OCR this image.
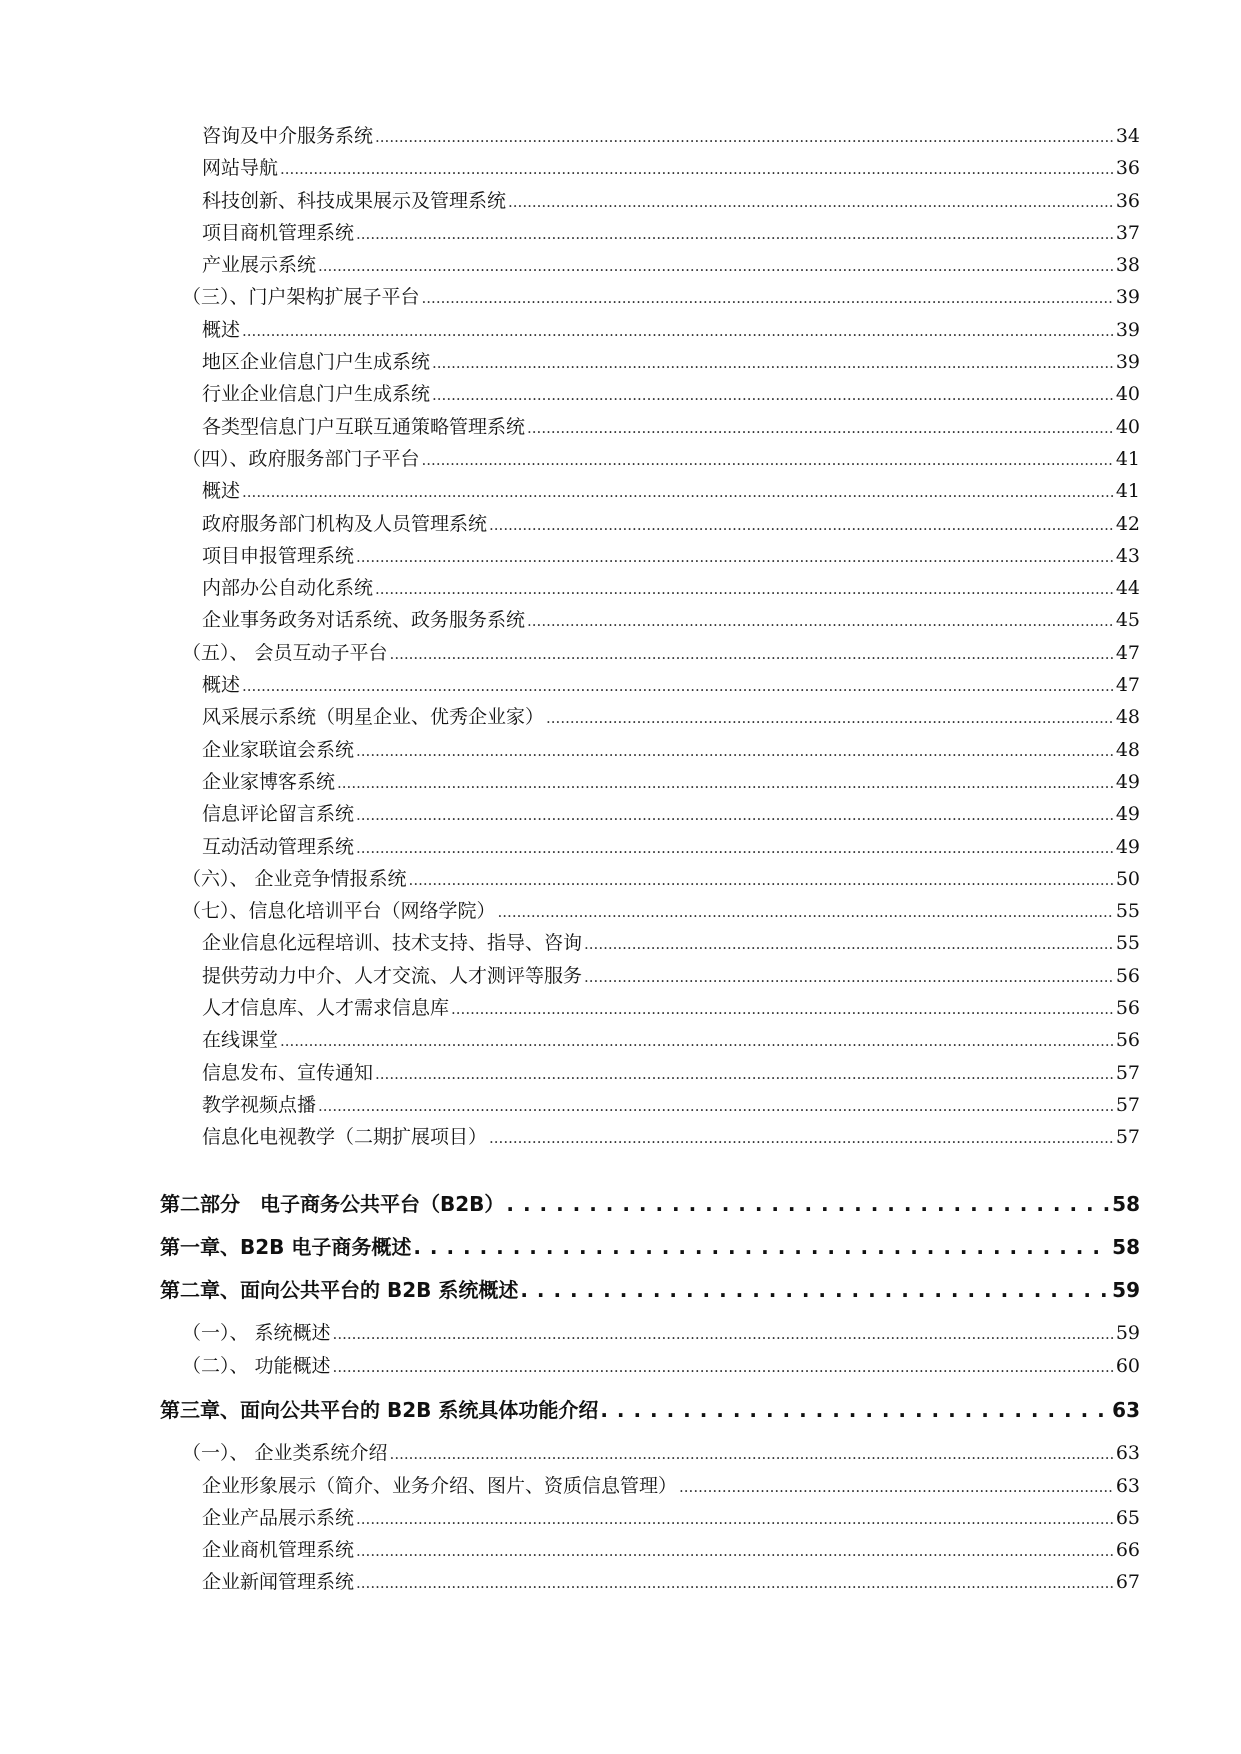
咨询及中介服务系统 .....	34
网站导航 .....	36
科技创新、科技成果展示及管理系统 .....	36
项目商机管理系统 .....	37
产业展示系统 .....	38
（三）、门户架构扩展子平台 .....	39
概述 .....	39
地区企业信息门户生成系统 .....	39
行业企业信息门户生成系统 .....	40
各类型信息门户互联互通策略管理系统 .....	40
（四）、政府服务部门子平台 .....	41
概述 .....	41
政府服务部门机构及人员管理系统 .....	42
项目申报管理系统 .....	43
内部办公自动化系统 .....	44
企业事务政务对话系统、政务服务系统 .....	45
（五）、 会员互动子平台 .....	47
概述 .....	47
风采展示系统（明星企业、优秀企业家） .....	48
企业家联谊会系统 .....	48
企业家博客系统 .....	49
信息评论留言系统 .....	49
互动活动管理系统 .....	49
（六）、 企业竞争情报系统 .....	50
（七）、信息化培训平台（网络学院） .....	55
企业信息化远程培训、技术支持、指导、咨询 .....	55
提供劳动力中介、人才交流、人才测评等服务 .....	56
人才信息库、人才需求信息库 .....	56
在线课堂 .....	56
信息发布、宣传通知 .....	57
教学视频点播 .....	57
信息化电视教学（二期扩展项目） .....	57
第二部分　电子商务公共平台（B2B） . . .	58
第一章、B2B 电子商务概述 . . .	58
第二章、面向公共平台的 B2B 系统概述 . . .	59
（一）、 系统概述 .....	59
（二）、 功能概述 .....	60
第三章、面向公共平台的 B2B 系统具体功能介绍 . . .	63
（一）、 企业类系统介绍 .....	63
企业形象展示（简介、业务介绍、图片、资质信息管理） .....	63
企业产品展示系统 .....	65
企业商机管理系统 .....	66
企业新闻管理系统 .....	67
